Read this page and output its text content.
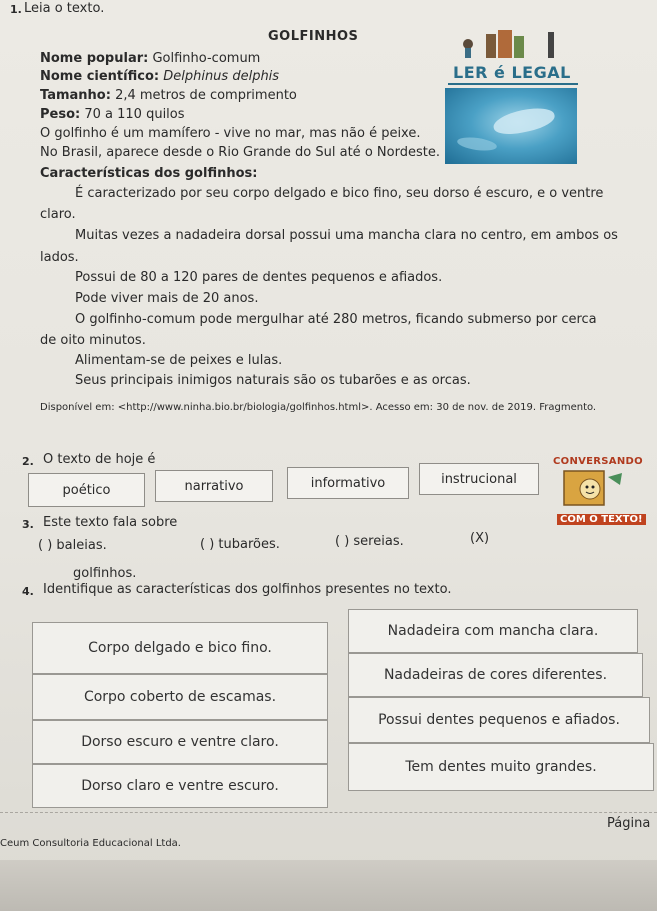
1. Leia o texto.
GOLFINHOS
Nome popular: Golfinho-comum
Nome científico: Delphinus delphis
Tamanho: 2,4 metros de comprimento
Peso: 70 a 110 quilos
O golfinho é um mamífero - vive no mar, mas não é peixe.
No Brasil, aparece desde o Rio Grande do Sul até o Nordeste.
Características dos golfinhos:
É caracterizado por seu corpo delgado e bico fino, seu dorso é escuro, e o ventre
claro.
Muitas vezes a nadadeira dorsal possui uma mancha clara no centro, em ambos os
lados.
Possui de 80 a 120 pares de dentes pequenos e afiados.
Pode viver mais de 20 anos.
O golfinho-comum pode mergulhar até 280 metros, ficando submerso por cerca
de oito minutos.
Alimentam-se de peixes e lulas.
Seus principais inimigos naturais são os tubarões e as orcas.
Disponível em: <http://www.ninha.bio.br/biologia/golfinhos.html>. Acesso em: 30 de nov. de 2019. Fragmento.
LER é LEGAL
2. O texto de hoje é
poético	narrativo	informativo	instrucional
CONVERSANDO
COM O TEXTO!
3. Este texto fala sobre
( ) baleias.	( ) tubarões.	( ) sereias.	(X)
golfinhos.
4. Identifique as características dos golfinhos presentes no texto.
Corpo delgado e bico fino.
Nadadeira com mancha clara.
Corpo coberto de escamas.
Nadadeiras de cores diferentes.
Dorso escuro e ventre claro.
Possui dentes pequenos e afiados.
Dorso claro e ventre escuro.
Tem dentes muito grandes.
Página
Ceum Consultoria Educacional Ltda.
